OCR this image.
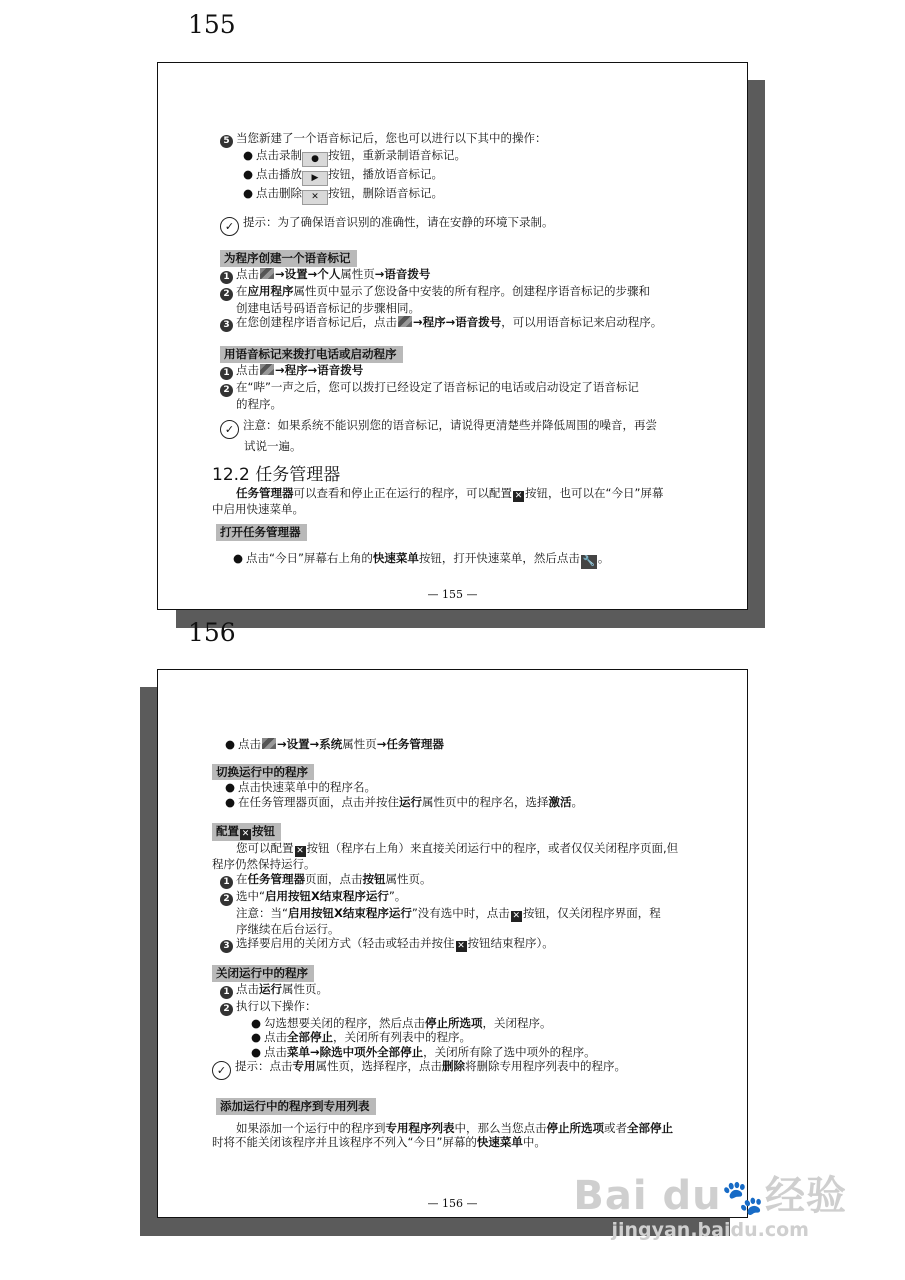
155
5 当您新建了一个语音标记后，您也可以进行以下其中的操作：
● 点击录制 ● 按钮，重新录制语音标记。
● 点击播放 ▶ 按钮，播放语音标记。
● 点击删除 ✕ 按钮，删除语音标记。
✓ 提示：为了确保语音识别的准确性，请在安静的环境下录制。
为程序创建一个语音标记
1 点击 →设置→个人属性页→语音拨号
2 在应用程序属性页中显示了您设备中安装的所有程序。创建程序语音标记的步骤和
创建电话号码语音标记的步骤相同。
3 在您创建程序语音标记后，点击 →程序→语音拨号，可以用语音标记来启动程序。
用语音标记来拨打电话或启动程序
1 点击 →程序→语音拨号
2 在“哔”一声之后，您可以拨打已经设定了语音标记的电话或启动设定了语音标记
的程序。
✓ 注意：如果系统不能识别您的语音标记，请说得更清楚些并降低周围的噪音，再尝
试说一遍。
12.2 任务管理器
任务管理器可以查看和停止正在运行的程序，可以配置 ✕ 按钮，也可以在“今日”屏幕
中启用快速菜单。
打开任务管理器
● 点击“今日”屏幕右上角的快速菜单按钮，打开快速菜单，然后点击 🔧 。
— 155 —
156
● 点击 →设置→系统属性页→任务管理器
切换运行中的程序
● 点击快速菜单中的程序名。
● 在任务管理器页面，点击并按住运行属性页中的程序名，选择激活。
配置 ✕ 按钮
您可以配置 ✕ 按钮（程序右上角）来直接关闭运行中的程序，或者仅仅关闭程序页面,但
程序仍然保持运行。
1 在任务管理器页面，点击按钮属性页。
2 选中“启用按钮X结束程序运行”。
注意：当“启用按钮X结束程序运行”没有选中时，点击 ✕ 按钮，仅关闭程序界面，程
序继续在后台运行。
3 选择要启用的关闭方式（轻击或轻击并按住 ✕ 按钮结束程序）。
关闭运行中的程序
1 点击运行属性页。
2 执行以下操作：
● 勾选想要关闭的程序，然后点击停止所选项，关闭程序。
● 点击全部停止，关闭所有列表中的程序。
● 点击菜单→除选中项外全部停止，关闭所有除了选中项外的程序。
✓ 提示：点击专用属性页，选择程序，点击删除将删除专用程序列表中的程序。
添加运行中的程序到专用列表
如果添加一个运行中的程序到专用程序列表中，那么当您点击停止所选项或者全部停止
时将不能关闭该程序并且该程序不列入“今日”屏幕的快速菜单中。
— 156 —	Bai du🐾经验
jingyan.baidu.com
